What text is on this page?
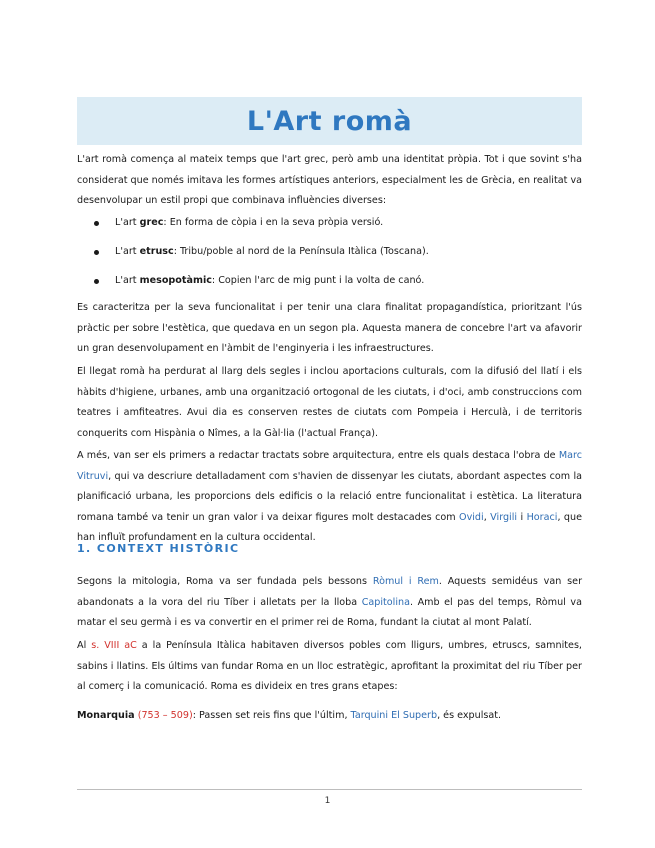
L'Art romà
L'art romà comença al mateix temps que l'art grec, però amb una identitat pròpia. Tot i que sovint s'ha considerat que només imitava les formes artístiques anteriors, especialment les de Grècia, en realitat va desenvolupar un estil propi que combinava influències diverses:
L'art grec: En forma de còpia i en la seva pròpia versió.
L'art etrusc: Tribu/poble al nord de la Península Itàlica (Toscana).
L'art mesopotàmic: Copien l'arc de mig punt i la volta de canó.
Es caracteritza per la seva funcionalitat i per tenir una clara finalitat propagandística, prioritzant l'ús pràctic per sobre l'estètica, que quedava en un segon pla. Aquesta manera de concebre l'art va afavorir un gran desenvolupament en l'àmbit de l'enginyeria i les infraestructures.
El llegat romà ha perdurat al llarg dels segles i inclou aportacions culturals, com la difusió del llatí i els hàbits d'higiene, urbanes, amb una organització ortogonal de les ciutats, i d'oci, amb construccions com teatres i amfiteatres. Avui dia es conserven restes de ciutats com Pompeia i Herculà, i de territoris conquerits com Hispània o Nîmes, a la Gàl·lia (l'actual França).
A més, van ser els primers a redactar tractats sobre arquitectura, entre els quals destaca l'obra de Marc Vitruvi, qui va descriure detalladament com s'havien de dissenyar les ciutats, abordant aspectes com la planificació urbana, les proporcions dels edificis o la relació entre funcionalitat i estètica. La literatura romana també va tenir un gran valor i va deixar figures molt destacades com Ovidi, Virgili i Horaci, que han influït profundament en la cultura occidental.
1. CONTEXT HISTÒRIC
Segons la mitologia, Roma va ser fundada pels bessons Ròmul i Rem. Aquests semidéus van ser abandonats a la vora del riu Tíber i alletats per la lloba Capitolina. Amb el pas del temps, Ròmul va matar el seu germà i es va convertir en el primer rei de Roma, fundant la ciutat al mont Palatí.
Al s. VIII aC a la Península Itàlica habitaven diversos pobles com lligurs, umbres, etruscs, samnites, sabins i llatins. Els últims van fundar Roma en un lloc estratègic, aprofitant la proximitat del riu Tíber per al comerç i la comunicació. Roma es divideix en tres grans etapes:
Monarquia (753 – 509): Passen set reis fins que l'últim, Tarquini El Superb, és expulsat.
1
